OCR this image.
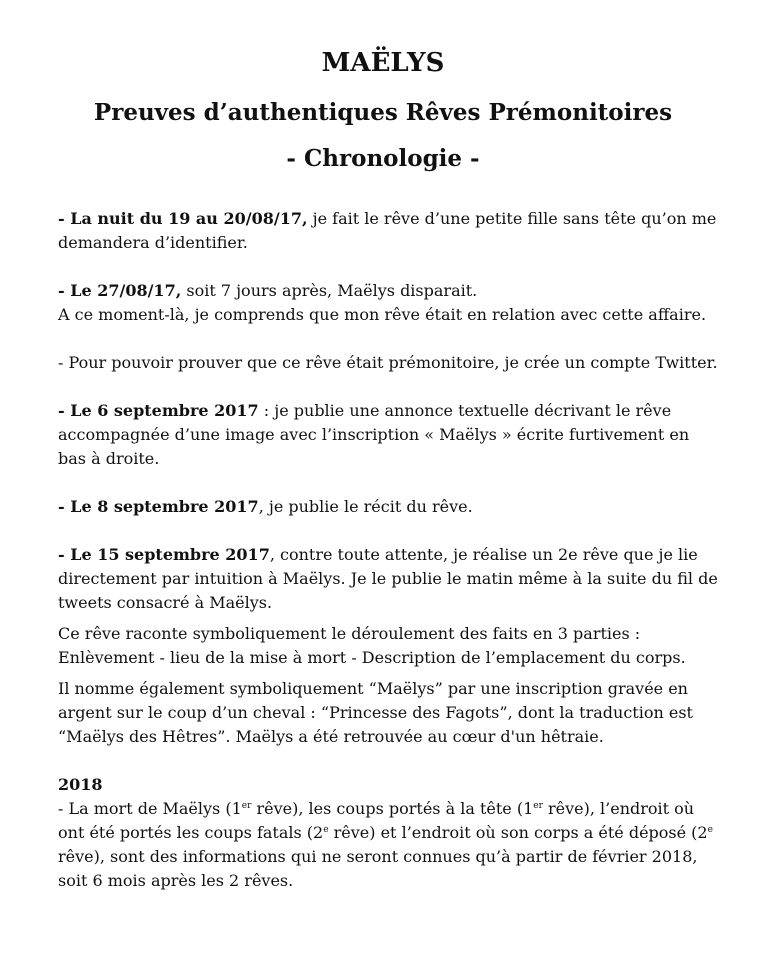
MAËLYS
Preuves d’authentiques Rêves Prémonitoires
- Chronologie -

- La nuit du 19 au 20/08/17, je fait le rêve d’une petite fille sans tête qu’on me demandera d’identifier.

- Le 27/08/17, soit 7 jours après, Maëlys disparait.
A ce moment-là, je comprends que mon rêve était en relation avec cette affaire.

- Pour pouvoir prouver que ce rêve était prémonitoire, je crée un compte Twitter.

- Le 6 septembre 2017 : je publie une annonce textuelle décrivant le rêve accompagnée d’une image avec l’inscription « Maëlys » écrite furtivement en bas à droite.

- Le 8 septembre 2017, je publie le récit du rêve.

- Le 15 septembre 2017, contre toute attente, je réalise un 2e rêve que je lie directement par intuition à Maëlys. Je le publie le matin même à la suite du fil de tweets consacré à Maëlys.

Ce rêve raconte symboliquement le déroulement des faits en 3 parties : Enlèvement - lieu de la mise à mort - Description de l’emplacement du corps.

Il nomme également symboliquement “Maëlys” par une inscription gravée en argent sur le coup d’un cheval : “Princesse des Fagots”, dont la traduction est “Maëlys des Hêtres”. Maëlys a été retrouvée au cœur d'un hêtraie.

2018

- La mort de Maëlys (1er rêve), les coups portés à la tête (1er rêve), l’endroit où ont été portés les coups fatals (2e rêve) et l’endroit où son corps a été déposé (2e rêve), sont des informations qui ne seront connues qu’à partir de février 2018, soit 6 mois après les 2 rêves.
